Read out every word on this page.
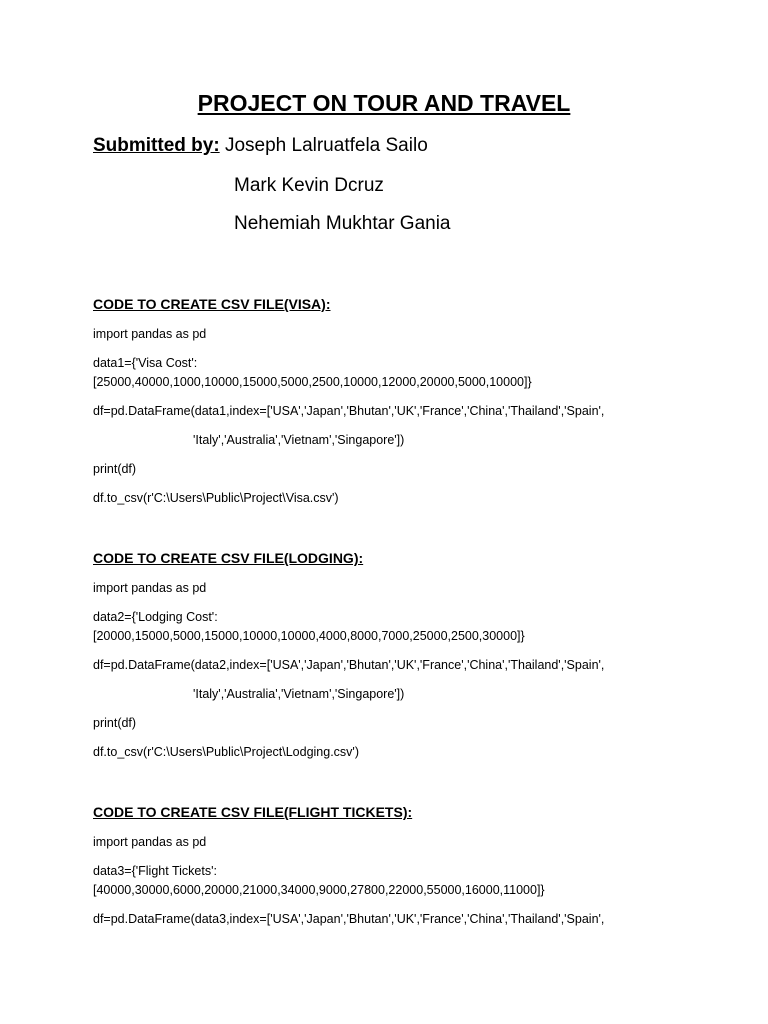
PROJECT ON TOUR AND TRAVEL
Submitted by: Joseph Lalruatfela Sailo
Mark Kevin Dcruz
Nehemiah Mukhtar Gania
CODE TO CREATE CSV FILE(VISA):
import pandas as pd
data1={'Visa Cost':
[25000,40000,1000,10000,15000,5000,2500,10000,12000,20000,5000,10000]}
df=pd.DataFrame(data1,index=['USA','Japan','Bhutan','UK','France','China','Thailand','Spain',
'Italy','Australia','Vietnam','Singapore'])
print(df)
df.to_csv(r'C:\Users\Public\Project\Visa.csv')
CODE TO CREATE CSV FILE(LODGING):
import pandas as pd
data2={'Lodging Cost':
[20000,15000,5000,15000,10000,10000,4000,8000,7000,25000,2500,30000]}
df=pd.DataFrame(data2,index=['USA','Japan','Bhutan','UK','France','China','Thailand','Spain',
'Italy','Australia','Vietnam','Singapore'])
print(df)
df.to_csv(r'C:\Users\Public\Project\Lodging.csv')
CODE TO CREATE CSV FILE(FLIGHT TICKETS):
import pandas as pd
data3={'Flight Tickets':
[40000,30000,6000,20000,21000,34000,9000,27800,22000,55000,16000,11000]}
df=pd.DataFrame(data3,index=['USA','Japan','Bhutan','UK','France','China','Thailand','Spain',
